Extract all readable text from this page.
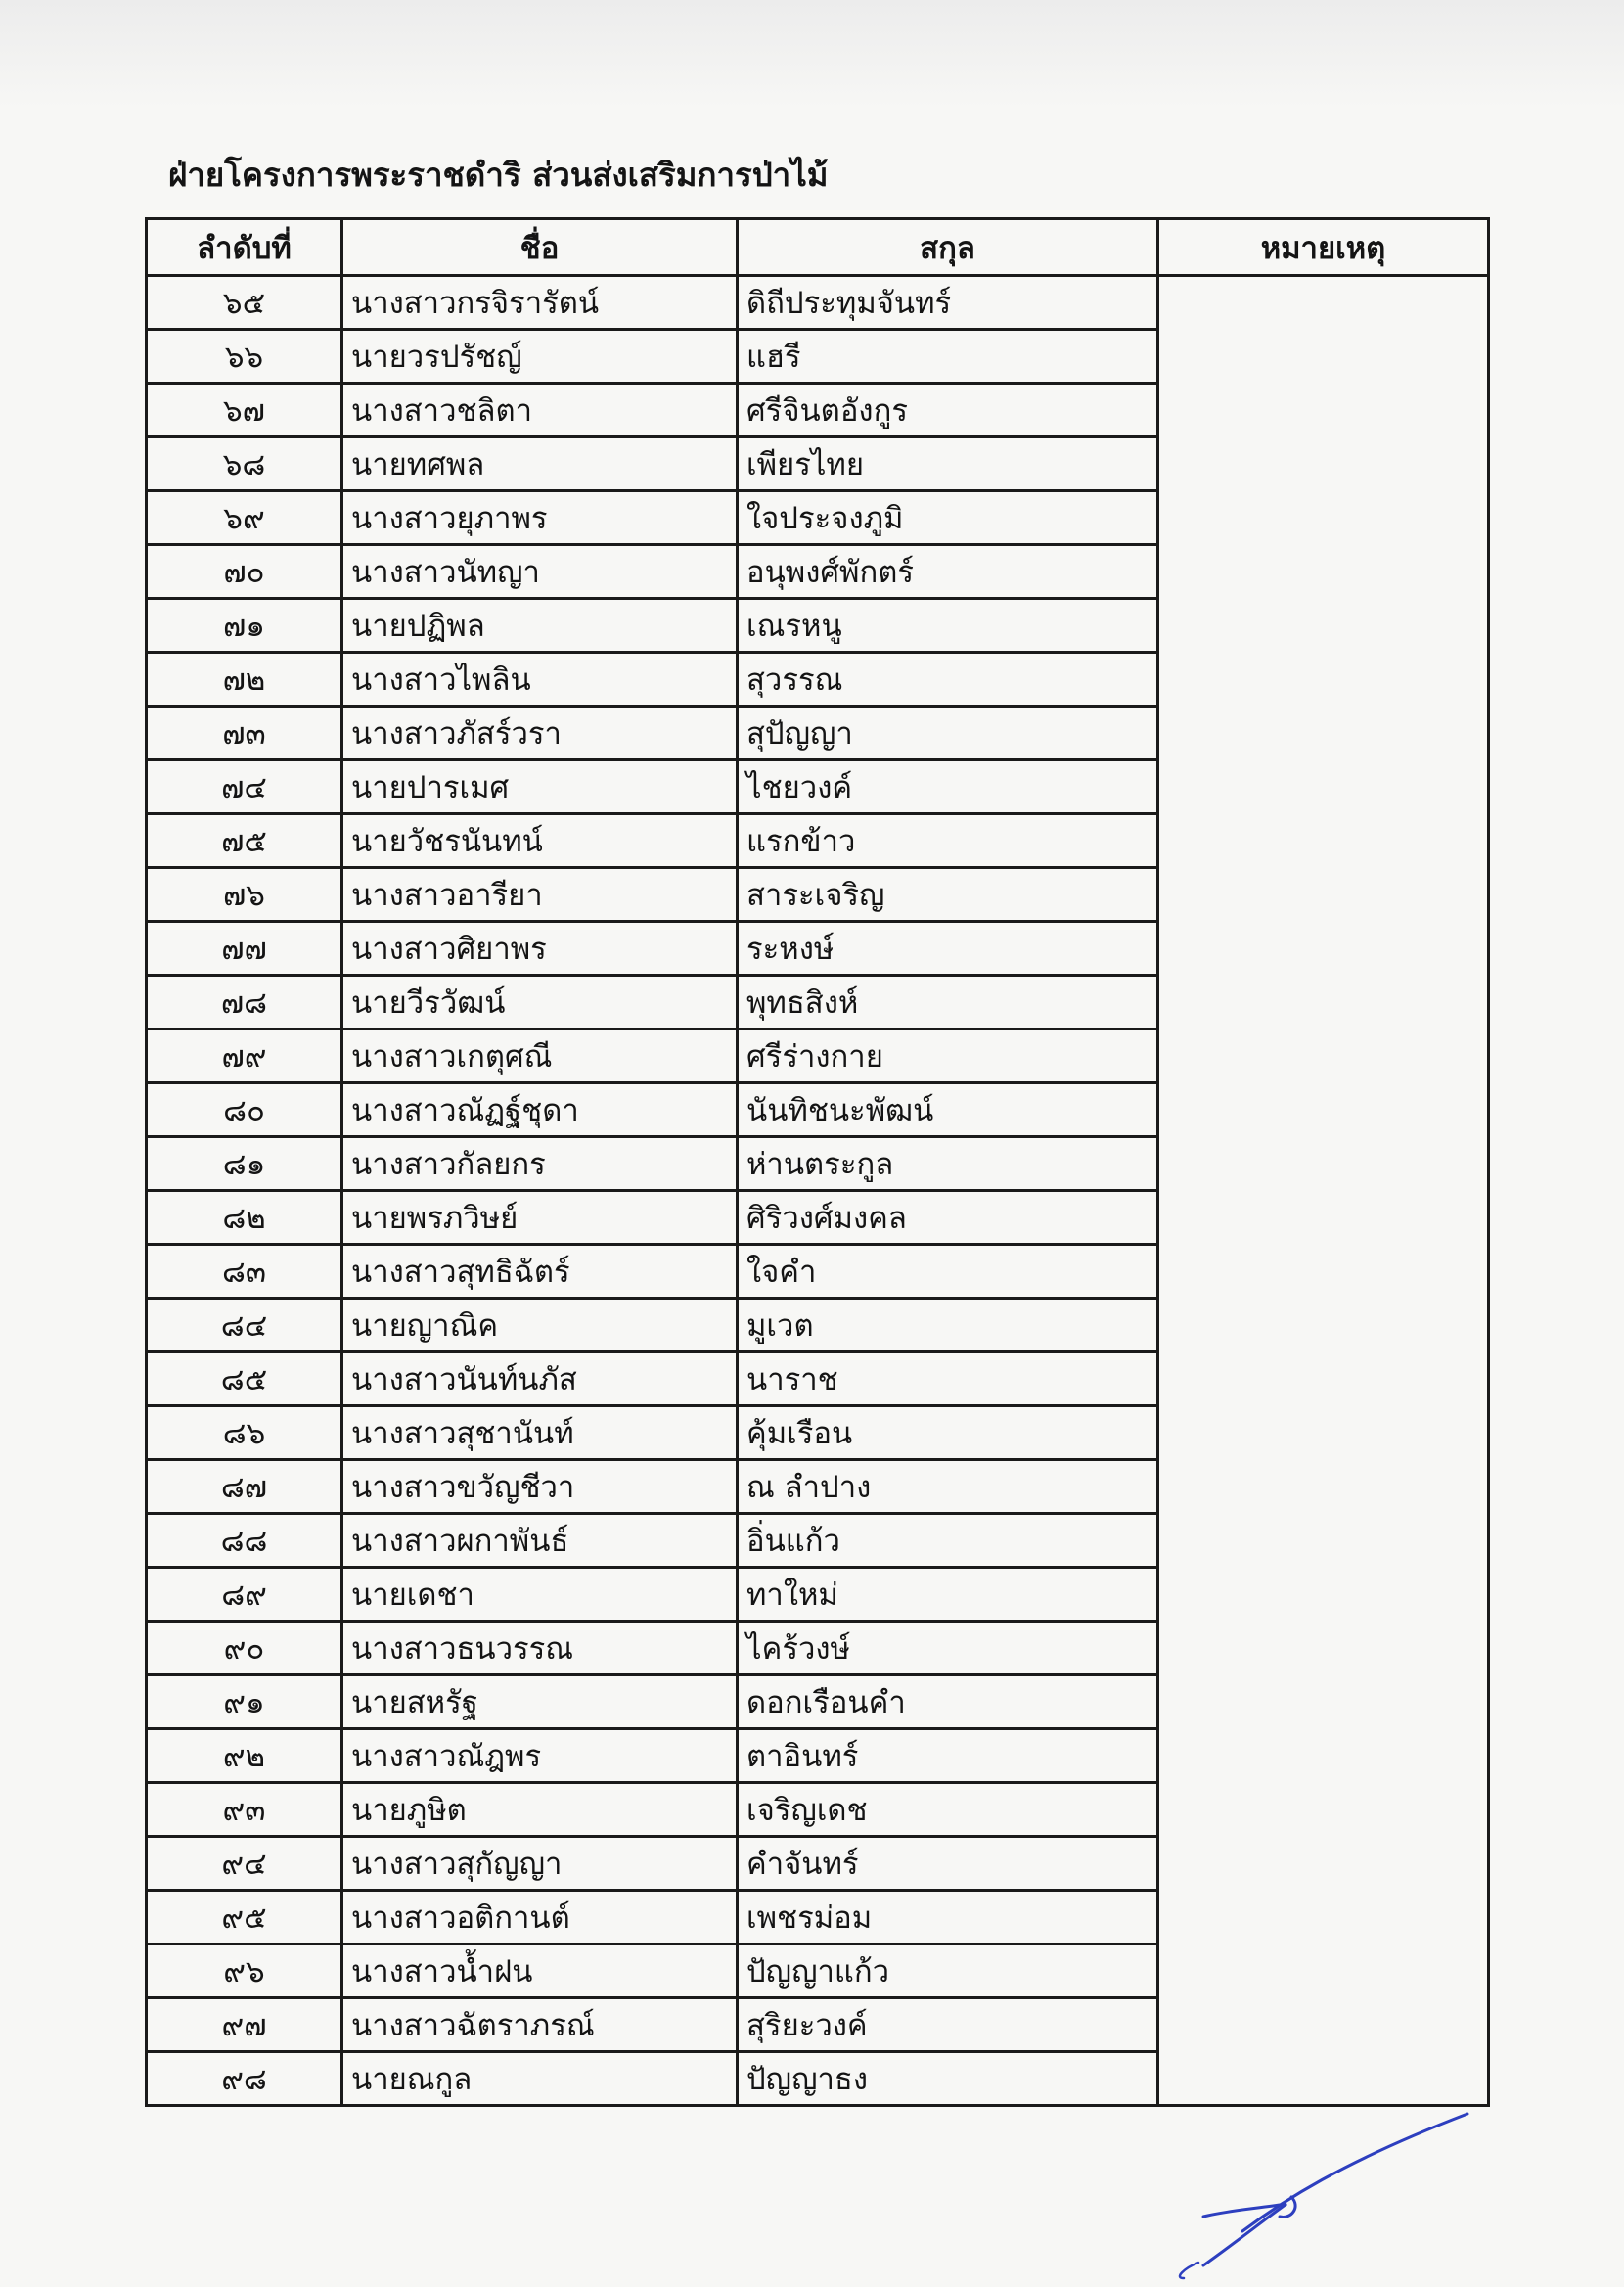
ฝ่ายโครงการพระราชดำริ ส่วนส่งเสริมการป่าไม้
ลำดับที่	ชื่อ	สกุล	หมายเหตุ
๖๕	นางสาวกรจิรารัตน์	ดิถีประทุมจันทร์	
๖๖	นายวรปรัชญ์	แฮรี	
๖๗	นางสาวชลิตา	ศรีจินตอังกูร	
๖๘	นายทศพล	เพียรไทย	
๖๙	นางสาวยุภาพร	ใจประจงภูมิ	
๗๐	นางสาวนัทญา	อนุพงศ์พักตร์	
๗๑	นายปฏิพล	เณรหนู	
๗๒	นางสาวไพลิน	สุวรรณ	
๗๓	นางสาวภัสร์วรา	สุปัญญา	
๗๔	นายปารเมศ	ไชยวงค์	
๗๕	นายวัชรนันทน์	แรกข้าว	
๗๖	นางสาวอารียา	สาระเจริญ	
๗๗	นางสาวศิยาพร	ระหงษ์	
๗๘	นายวีรวัฒน์	พุทธสิงห์	
๗๙	นางสาวเกตุศณี	ศรีร่างกาย	
๘๐	นางสาวณัฏฐ์ชุดา	นันทิชนะพัฒน์	
๘๑	นางสาวกัลยกร	ห่านตระกูล	
๘๒	นายพรภวิษย์	ศิริวงศ์มงคล	
๘๓	นางสาวสุทธิฉัตร์	ใจคำ	
๘๔	นายญาณิค	มูเวต	
๘๕	นางสาวนันท์นภัส	นาราช	
๘๖	นางสาวสุชานันท์	คุ้มเรือน	
๘๗	นางสาวขวัญชีวา	ณ ลำปาง	
๘๘	นางสาวผกาพันธ์	อิ่นแก้ว	
๘๙	นายเดชา	ทาใหม่	
๙๐	นางสาวธนวรรณ	ไคร้วงษ์	
๙๑	นายสหรัฐ	ดอกเรือนคำ	
๙๒	นางสาวณัฎพร	ตาอินทร์	
๙๓	นายภูษิต	เจริญเดช	
๙๔	นางสาวสุกัญญา	คำจันทร์	
๙๕	นางสาวอติกานต์	เพชรม่อม	
๙๖	นางสาวน้ำฝน	ปัญญาแก้ว	
๙๗	นางสาวฉัตราภรณ์	สุริยะวงค์	
๙๘	นายณกูล	ปัญญาธง	
